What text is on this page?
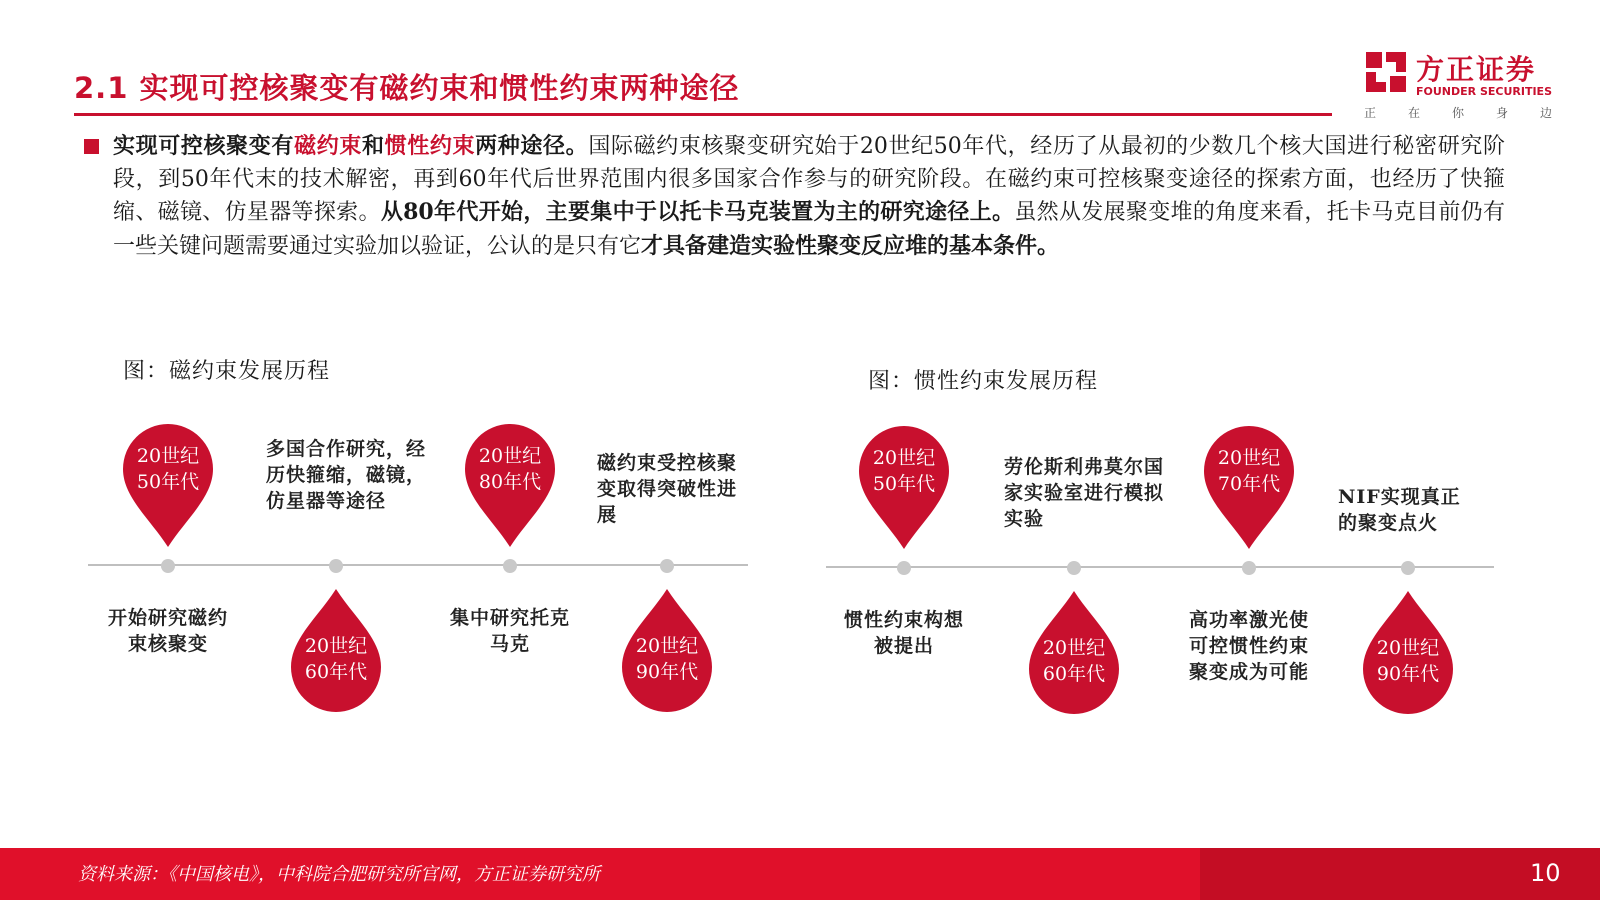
2.1 实现可控核聚变有磁约束和惯性约束两种途径
方正证券
FOUNDER SECURITIES
正	在	你	身	边
实现可控核聚变有磁约束和惯性约束两种途径。国际磁约束核聚变研究始于20世纪50年代，经历了从最初的少数几个核大国进行秘密研究阶段，到50年代末的技术解密，再到60年代后世界范围内很多国家合作参与的研究阶段。在磁约束可控核聚变途径的探索方面，也经历了快箍缩、磁镜、仿星器等探索。从80年代开始，主要集中于以托卡马克装置为主的研究途径上。虽然从发展聚变堆的角度来看，托卡马克目前仍有一些关键问题需要通过实验加以验证，公认的是只有它才具备建造实验性聚变反应堆的基本条件。
图：磁约束发展历程
20世纪
50年代
开始研究磁约束核聚变	20世纪
60年代
多国合作研究，经历快箍缩，磁镜，仿星器等途径
20世纪
80年代
集中研究托克马克	20世纪
90年代
磁约束受控核聚变取得突破性进展
图：惯性约束发展历程
20世纪
50年代
惯性约束构想被提出	20世纪
60年代
劳伦斯利弗莫尔国家实验室进行模拟实验
20世纪
70年代
高功率激光使可控惯性约束聚变成为可能
20世纪
90年代
NIF实现真正的聚变点火
资料来源：《中国核电》，中科院合肥研究所官网，方正证券研究所	10
